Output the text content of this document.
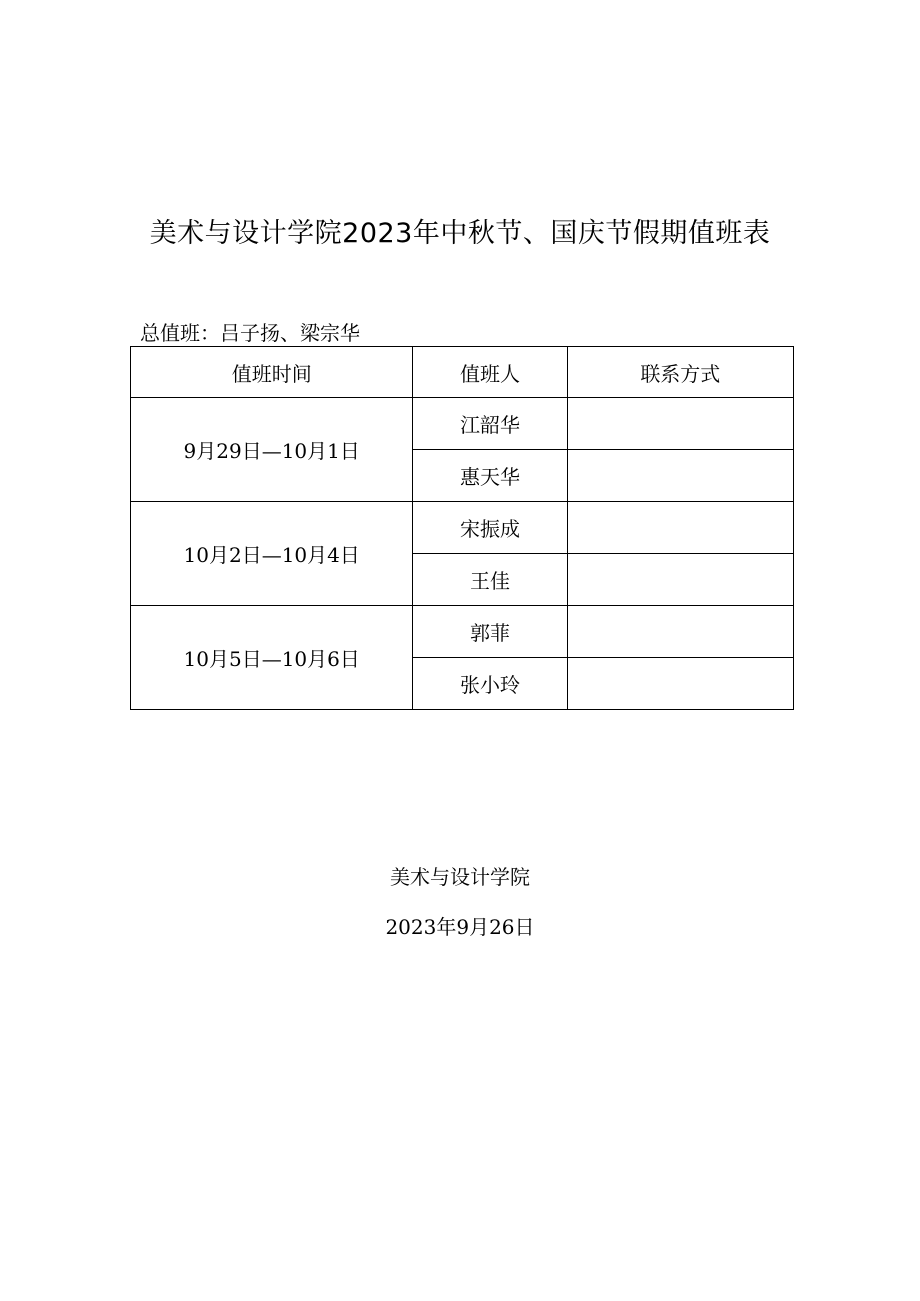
美术与设计学院2023年中秋节、国庆节假期值班表
总值班：吕子扬、梁宗华
值班时间	值班人	联系方式
9月29日—10月1日	江韶华	
	惠天华	
10月2日—10月4日	宋振成	
	王佳	
10月5日—10月6日	郭菲	
	张小玲	
美术与设计学院
2023年9月26日
